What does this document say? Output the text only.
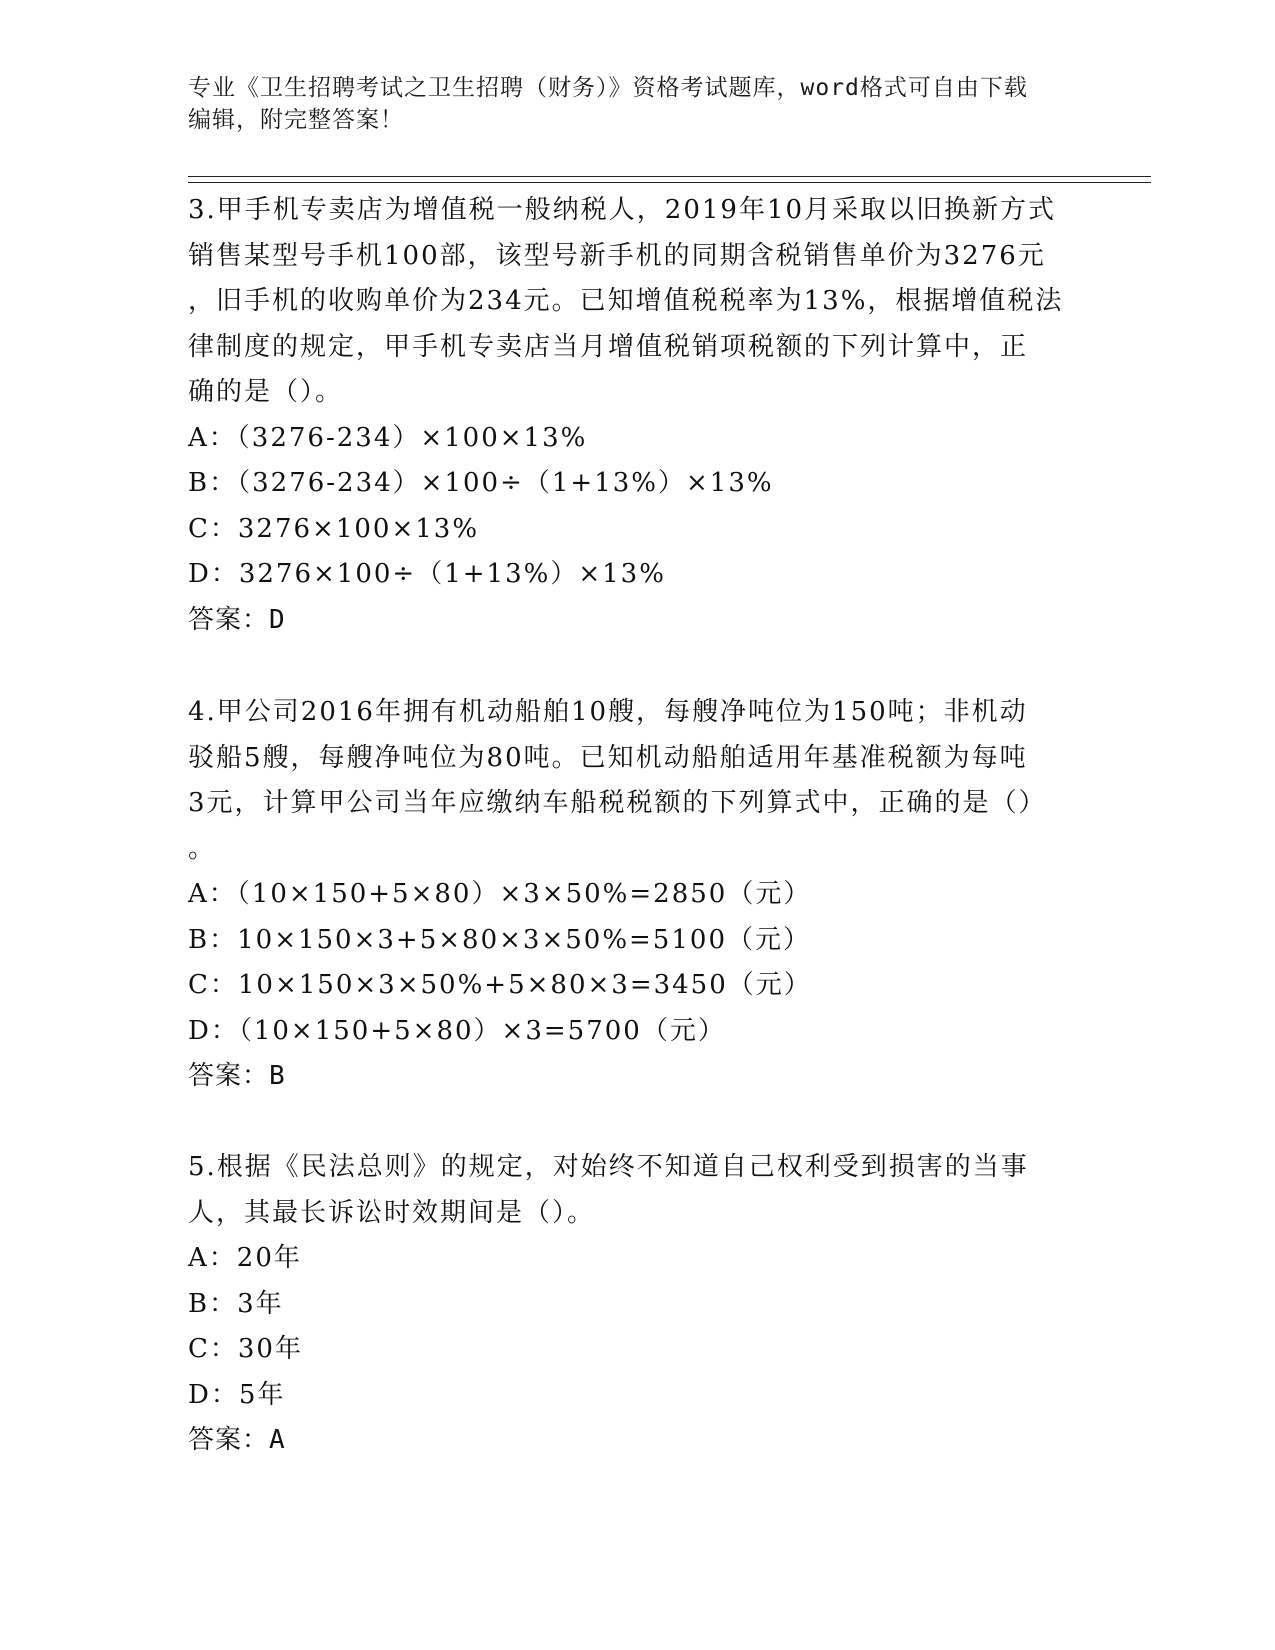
专业《卫生招聘考试之卫生招聘（财务）》资格考试题库，word格式可自由下载
编辑，附完整答案！
3.甲手机专卖店为增值税一般纳税人，2019年10月采取以旧换新方式
销售某型号手机100部，该型号新手机的同期含税销售单价为3276元
，旧手机的收购单价为234元。已知增值税税率为13%，根据增值税法
律制度的规定，甲手机专卖店当月增值税销项税额的下列计算中，正
确的是（）。
A：（3276-234）×100×13%
B：（3276-234）×100÷（1+13%）×13%
C：3276×100×13%
D：3276×100÷（1+13%）×13%
答案：D
4.甲公司2016年拥有机动船舶10艘，每艘净吨位为150吨；非机动
驳船5艘，每艘净吨位为80吨。已知机动船舶适用年基准税额为每吨
3元，计算甲公司当年应缴纳车船税税额的下列算式中，正确的是（）
。
A：（10×150+5×80）×3×50%=2850（元）
B：10×150×3+5×80×3×50%=5100（元）
C：10×150×3×50%+5×80×3=3450（元）
D：（10×150+5×80）×3=5700（元）
答案：B
5.根据《民法总则》的规定，对始终不知道自己权利受到损害的当事
人，其最长诉讼时效期间是（）。
A：20年
B：3年
C：30年
D：5年
答案：A
